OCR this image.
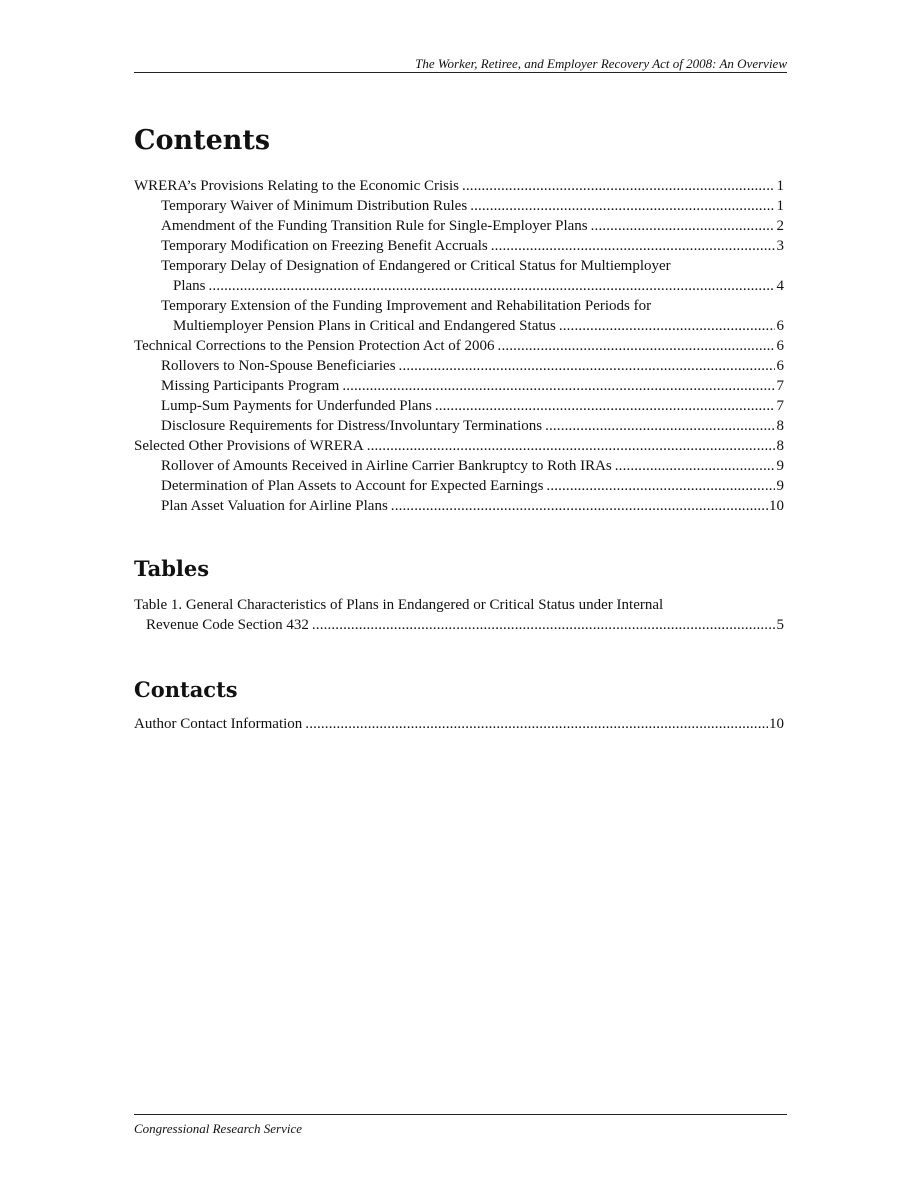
The Worker, Retiree, and Employer Recovery Act of 2008: An Overview
Contents
WRERA’s Provisions Relating to the Economic Crisis . . .	1
Temporary Waiver of Minimum Distribution Rules . . .	1
Amendment of the Funding Transition Rule for Single-Employer Plans . . .	2
Temporary Modification on Freezing Benefit Accruals . . .	3
Temporary Delay of Designation of Endangered or Critical Status for Multiemployer
Plans . . .	4
Temporary Extension of the Funding Improvement and Rehabilitation Periods for
Multiemployer Pension Plans in Critical and Endangered Status . . .	6
Technical Corrections to the Pension Protection Act of 2006 . . .	6
Rollovers to Non-Spouse Beneficiaries . . .	6
Missing Participants Program . . .	7
Lump-Sum Payments for Underfunded Plans . . .	7
Disclosure Requirements for Distress/Involuntary Terminations . . .	8
Selected Other Provisions of WRERA . . .	8
Rollover of Amounts Received in Airline Carrier Bankruptcy to Roth IRAs . . .	9
Determination of Plan Assets to Account for Expected Earnings . . .	9
Plan Asset Valuation for Airline Plans . . .	10
Tables
Table 1. General Characteristics of Plans in Endangered or Critical Status under Internal
Revenue Code Section 432 . . .	5
Contacts
Author Contact Information . . .	10
Congressional Research Service
